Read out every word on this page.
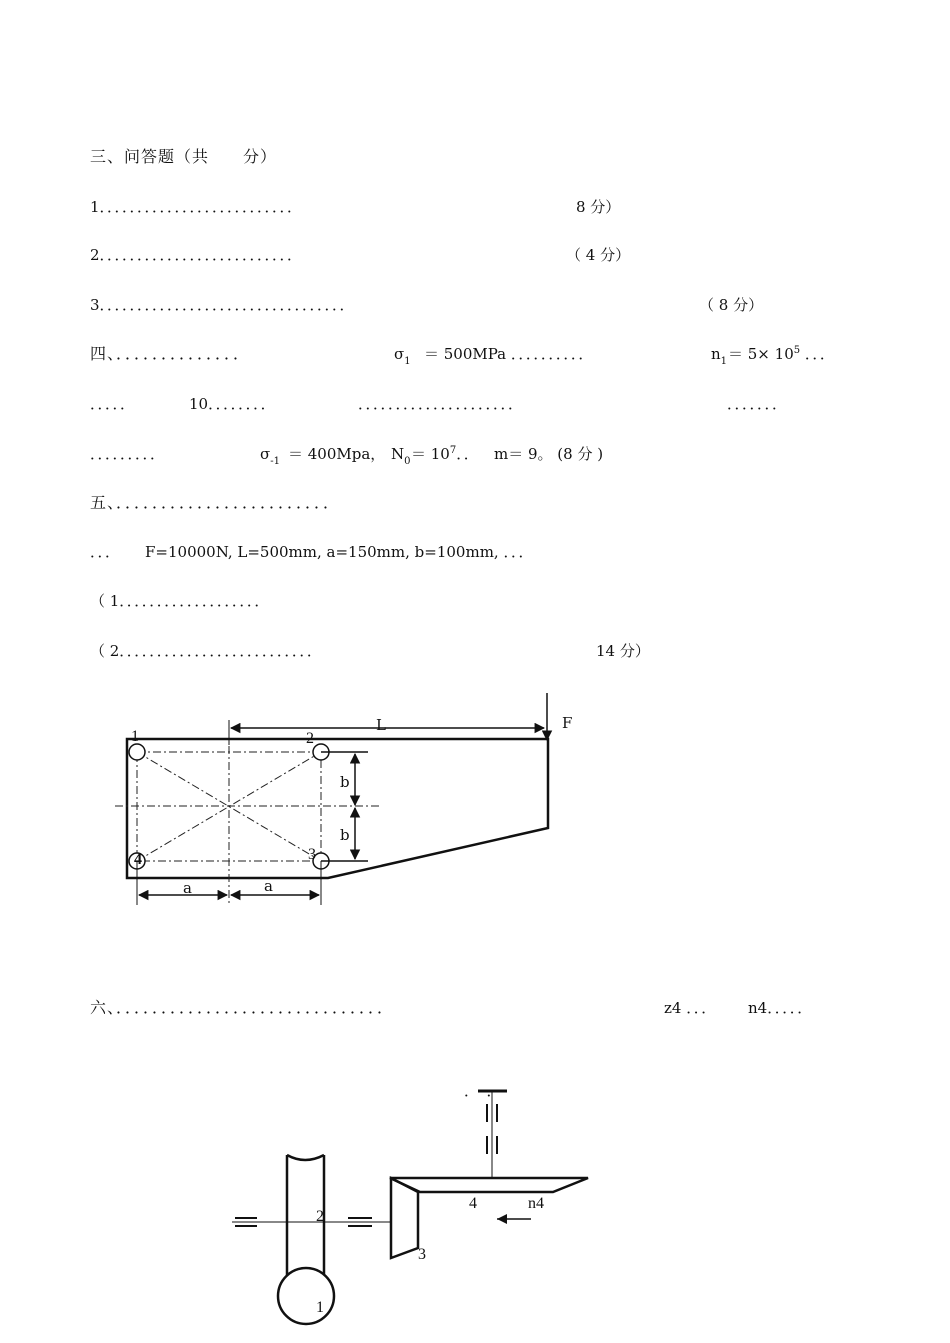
三、问答题（共　　分）
1．．．．．．．．．．．．．．．．．．．．．．．．．．	8 分）
2．．．．．．．．．．．．．．．．．．．．．．．．．．	（ 4 分）
3．．．．．．．．．．．．．．．．．．．．．．．．．．．．．．．．．	（ 8 分）
四、．．．．．．．．．．．．．．	$\sigma_1 = 500MPa$ ．．．．．．．．．．	$n_1 = 5\times 10^5$ ．．．
．．．．．	10．．．．．．．．	．．．．．．．．．．．．．．．．．．．．．	．．．．．．．
．．．．．．．．．	$\sigma_{-1} = 400Mpa$， $N_0 = 10^7$．． m＝ 9。 (8 分 )
五、．．．．．．．．．．．．．．．．．．．．．．．．
．．． F=10000N, L=500mm, a=150mm, b=100mm, ．．．
（ 1．．．．．．．．．．．．．．．．．．．
（ 2．．．．．．．．．．．．．．．．．．．．．．．．．．	14 分）
1	2
3
4
L	F
b
b
a	a
六、．．．．．．．．．．．．．．．．．．．．．．．．．．．．．．	z4 ．．． n4．．．．．
．　．
1
2
3
4	n4
